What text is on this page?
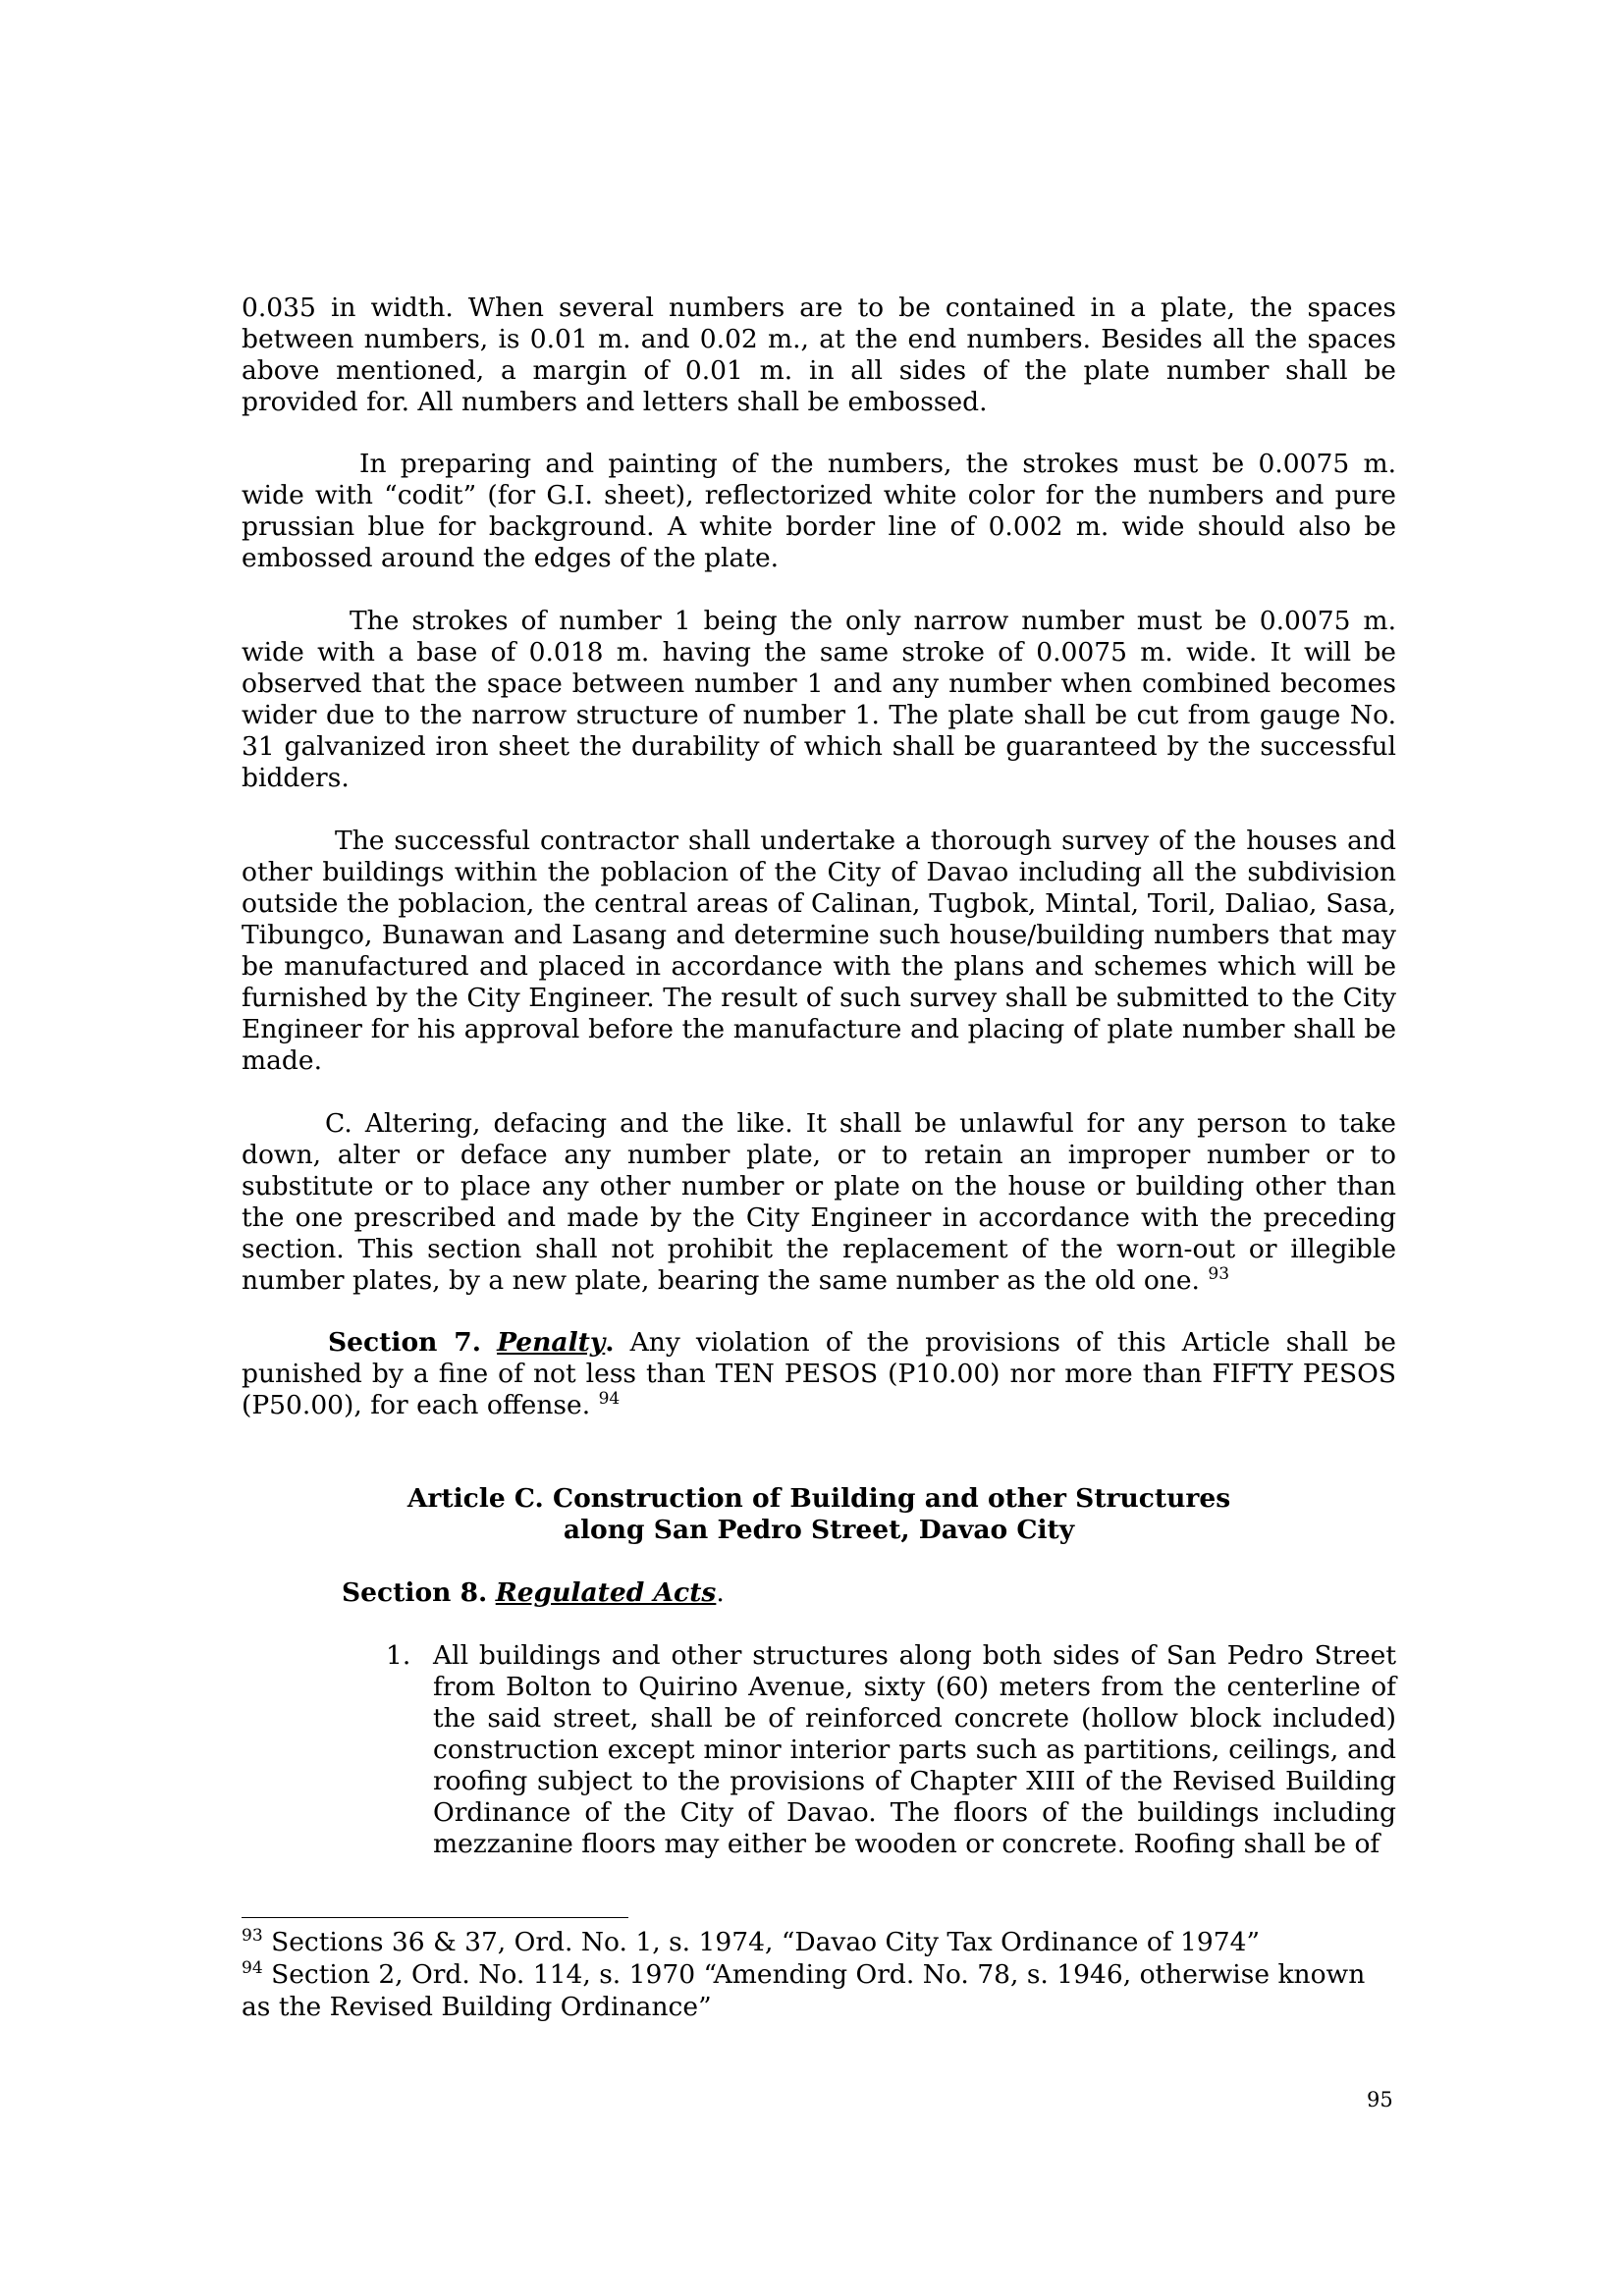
0.035 in width. When several numbers are to be contained in a plate, the spaces between numbers, is 0.01 m. and 0.02 m., at the end numbers. Besides all the spaces above mentioned, a margin of 0.01 m. in all sides of the plate number shall be provided for. All numbers and letters shall be embossed.

In preparing and painting of the numbers, the strokes must be 0.0075 m. wide with “codit” (for G.I. sheet), reflectorized white color for the numbers and pure prussian blue for background. A white border line of 0.002 m. wide should also be embossed around the edges of the plate.

The strokes of number 1 being the only narrow number must be 0.0075 m. wide with a base of 0.018 m. having the same stroke of 0.0075 m. wide. It will be observed that the space between number 1 and any number when combined becomes wider due to the narrow structure of number 1. The plate shall be cut from gauge No. 31 galvanized iron sheet the durability of which shall be guaranteed by the successful bidders.

The successful contractor shall undertake a thorough survey of the houses and other buildings within the poblacion of the City of Davao including all the subdivision outside the poblacion, the central areas of Calinan, Tugbok, Mintal, Toril, Daliao, Sasa, Tibungco, Bunawan and Lasang and determine such house/building numbers that may be manufactured and placed in accordance with the plans and schemes which will be furnished by the City Engineer. The result of such survey shall be submitted to the City Engineer for his approval before the manufacture and placing of plate number shall be made.

C. Altering, defacing and the like. It shall be unlawful for any person to take down, alter or deface any number plate, or to retain an improper number or to substitute or to place any other number or plate on the house or building other than the one prescribed and made by the City Engineer in accordance with the preceding section. This section shall not prohibit the replacement of the worn-out or illegible number plates, by a new plate, bearing the same number as the old one. $^{93}$

Section 7. Penalty. Any violation of the provisions of this Article shall be punished by a fine of not less than TEN PESOS (P10.00) nor more than FIFTY PESOS (P50.00), for each offense. $^{94}$

Article C. Construction of Building and other Structures

along San Pedro Street, Davao City

Section 8. Regulated Acts.

1. All buildings and other structures along both sides of San Pedro Street from Bolton to Quirino Avenue, sixty (60) meters from the centerline of the said street, shall be of reinforced concrete (hollow block included) construction except minor interior parts such as partitions, ceilings, and roofing subject to the provisions of Chapter XIII of the Revised Building Ordinance of the City of Davao. The floors of the buildings including mezzanine floors may either be wooden or concrete. Roofing shall be of

$^{93}$ Sections 36 & 37, Ord. No. 1, s. 1974, “Davao City Tax Ordinance of 1974”

$^{94}$ Section 2, Ord. No. 114, s. 1970 “Amending Ord. No. 78, s. 1946, otherwise known as the Revised Building Ordinance”

95
